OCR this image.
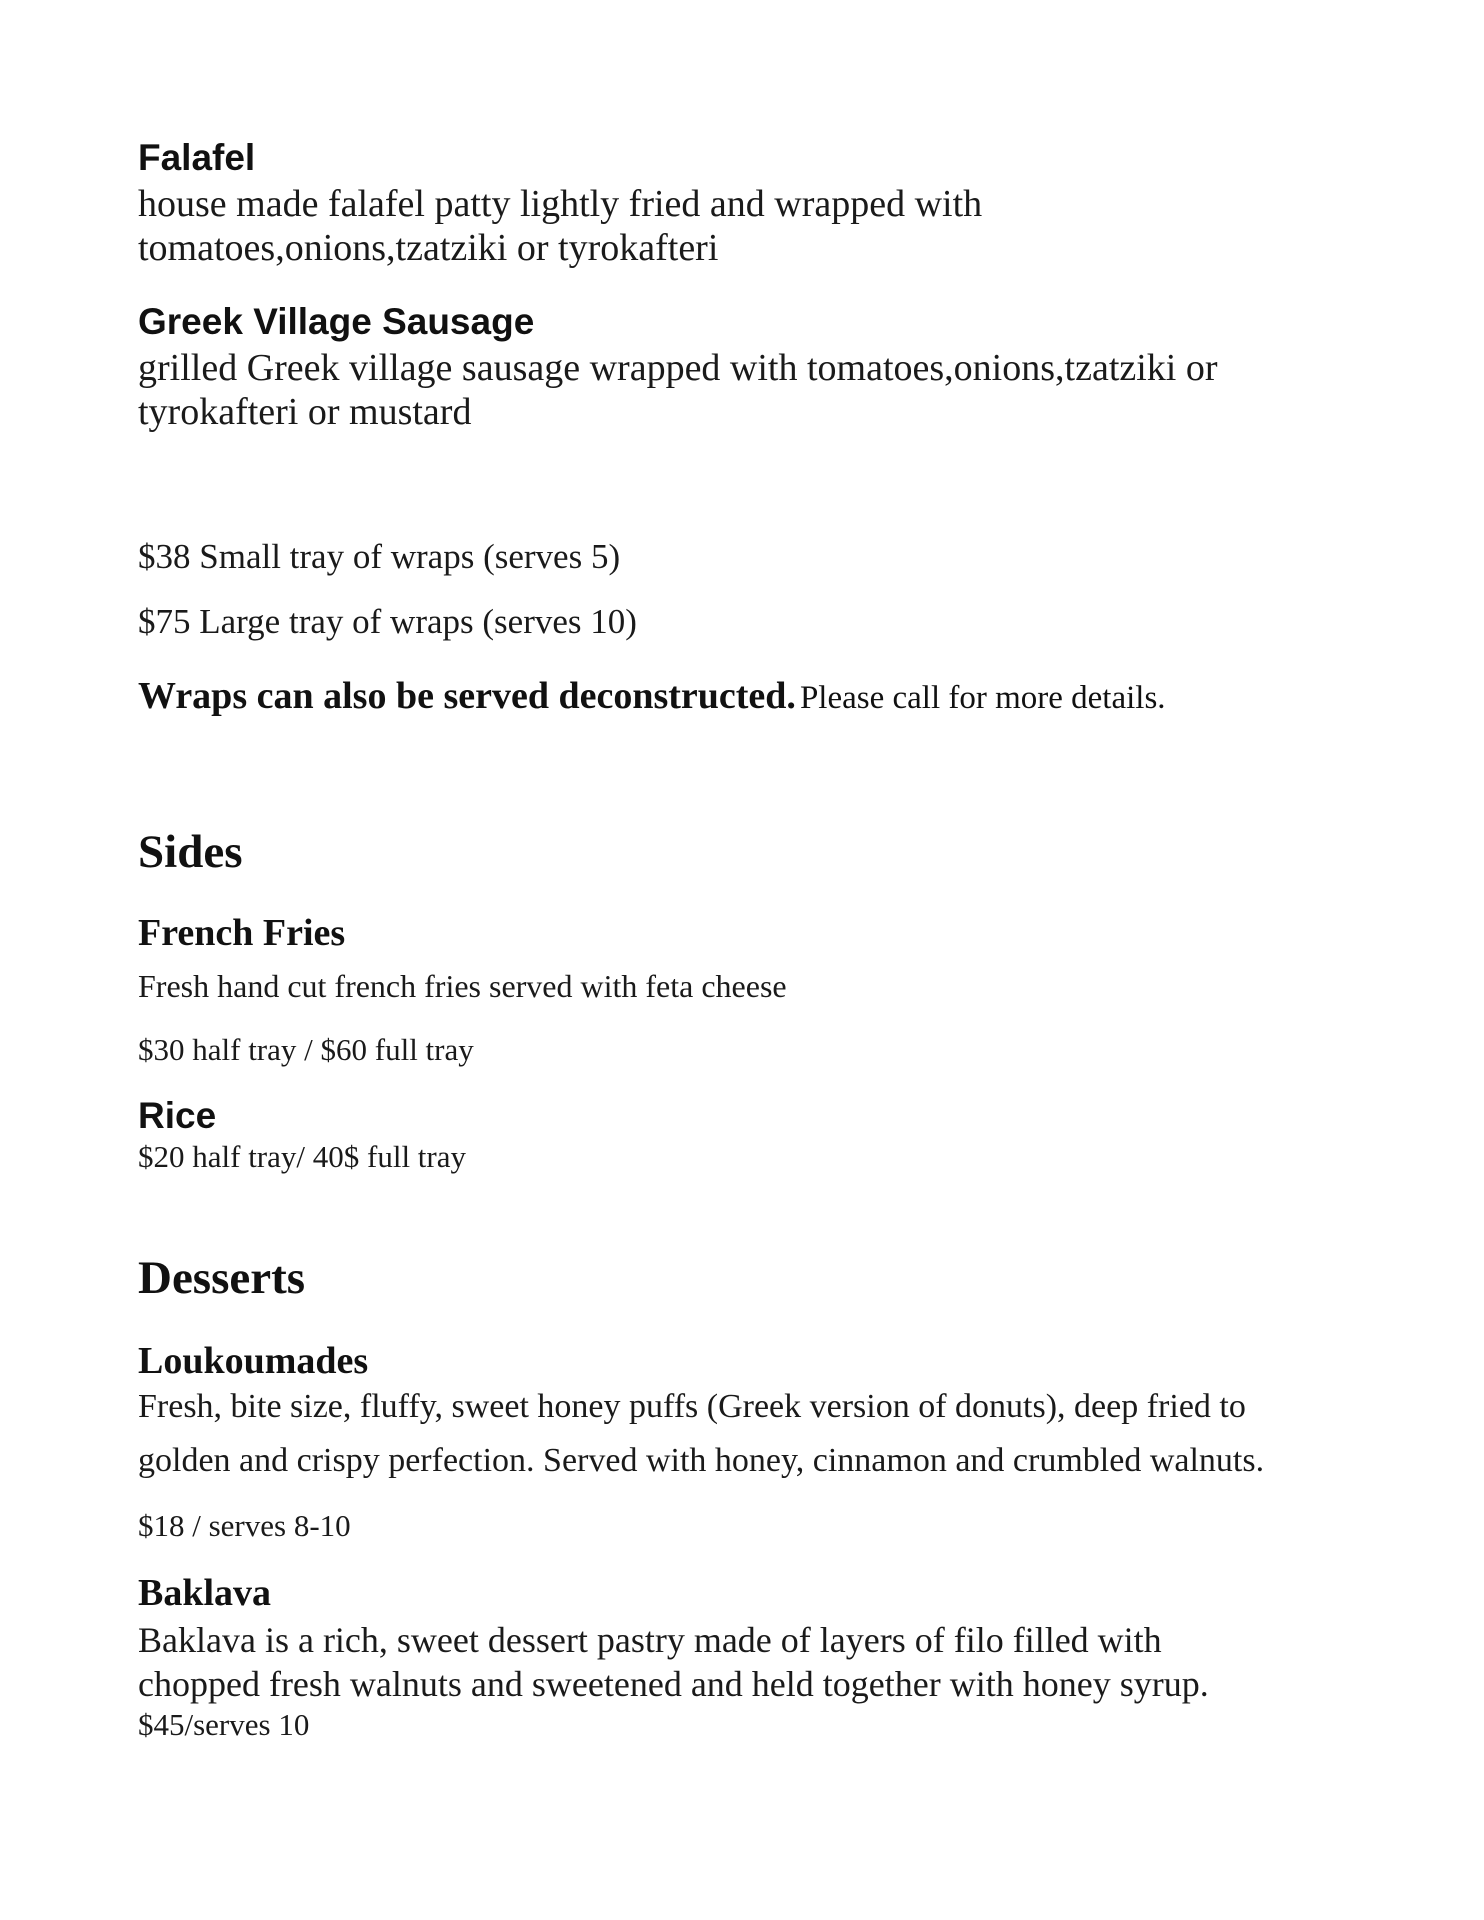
Falafel
house made falafel patty lightly fried and wrapped with
tomatoes,onions,tzatziki or tyrokafteri
Greek Village Sausage
grilled Greek village sausage wrapped with tomatoes,onions,tzatziki or
tyrokafteri or mustard
$38 Small tray of wraps (serves 5)
$75 Large tray of wraps (serves 10)
Wraps can also be served deconstructed. Please call for more details.
Sides
French Fries
Fresh hand cut french fries served with feta cheese
$30 half tray / $60 full tray
Rice
$20 half tray/ 40$ full tray
Desserts
Loukoumades
Fresh, bite size, fluffy, sweet honey puffs (Greek version of donuts), deep fried to
golden and crispy perfection. Served with honey, cinnamon and crumbled walnuts.
$18 / serves 8-10
Baklava
Baklava is a rich, sweet dessert pastry made of layers of filo filled with
chopped fresh walnuts and sweetened and held together with honey syrup.
$45/serves 10
